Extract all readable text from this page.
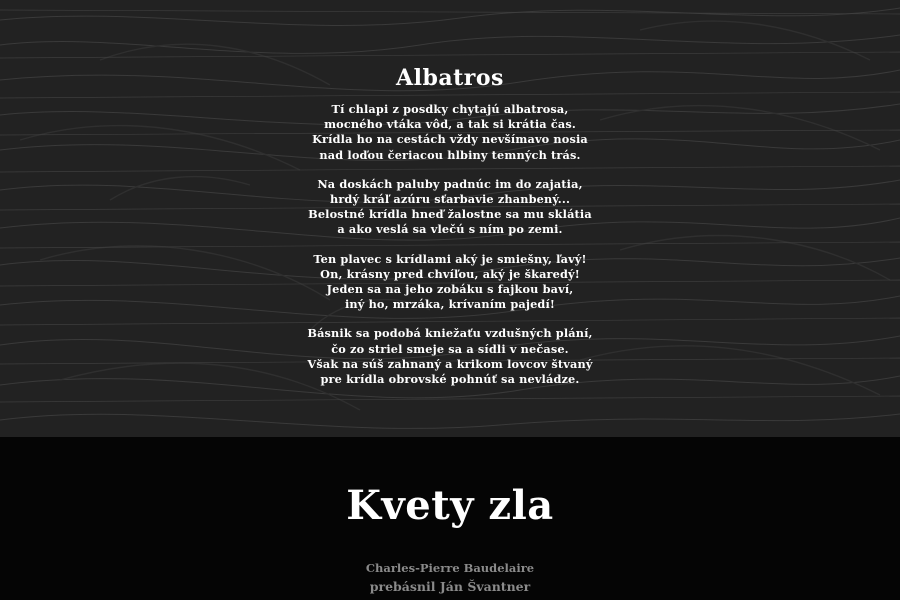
Albatros

Tí chlapi z posdky chytajú albatrosa,
mocného vtáka vôd, a tak si krátia čas.
Krídla ho na cestách vždy nevšímavo nosia
nad loďou čeriacou hlbiny temných trás.

Na doskách paluby padnúc im do zajatia,
hrdý kráľ azúru sťarbavie zhanbený...
Belostné krídla hneď žalostne sa mu sklátia
a ako veslá sa vlečú s ním po zemi.

Ten plavec s krídlami aký je smiešny, ľavý!
On, krásny pred chvíľou, aký je škaredý!
Jeden sa na jeho zobáku s fajkou baví,
iný ho, mrzáka, krívaním pajedí!

Básnik sa podobá kniežaťu vzdušných plání,
čo zo striel smeje sa a sídli v nečase.
Však na súš zahnaný a krikom lovcov štvaný
pre krídla obrovské pohnúť sa nevládze.

Kvety zla
Charles-Pierre Baudelaire
prebásnil Ján Švantner
